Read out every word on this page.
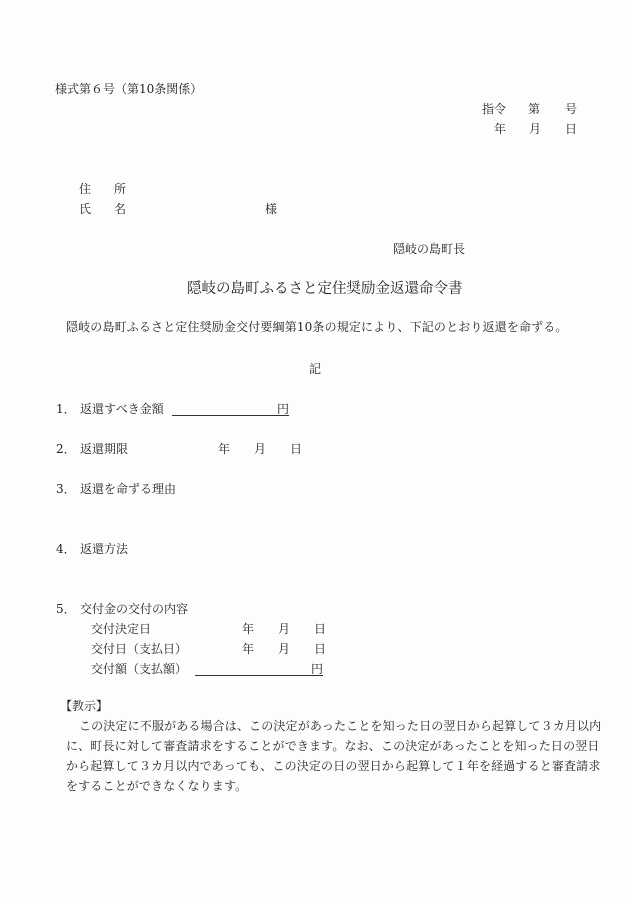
様式第６号（第10条関係）
指令 第 号
年 月 日
住 所
氏 名	様
隠岐の島町長
隠岐の島町ふるさと定住奨励金返還命令書
隠岐の島町ふるさと定住奨励金交付要綱第10条の規定により、下記のとおり返還を命ずる。
記
1． 返還すべき金額	円
2． 返還期限	年 月 日
3． 返還を命ずる理由
4． 返還方法
5． 交付金の交付の内容
交付決定日	年 月 日
交付日（支払日）	年 月 日
交付額（支払額）	円
【教示】
この決定に不服がある場合は、この決定があったことを知った日の翌日から起算して３カ月以内
に、町長に対して審査請求をすることができます。なお、この決定があったことを知った日の翌日
から起算して３カ月以内であっても、この決定の日の翌日から起算して１年を経過すると審査請求
をすることができなくなります。
